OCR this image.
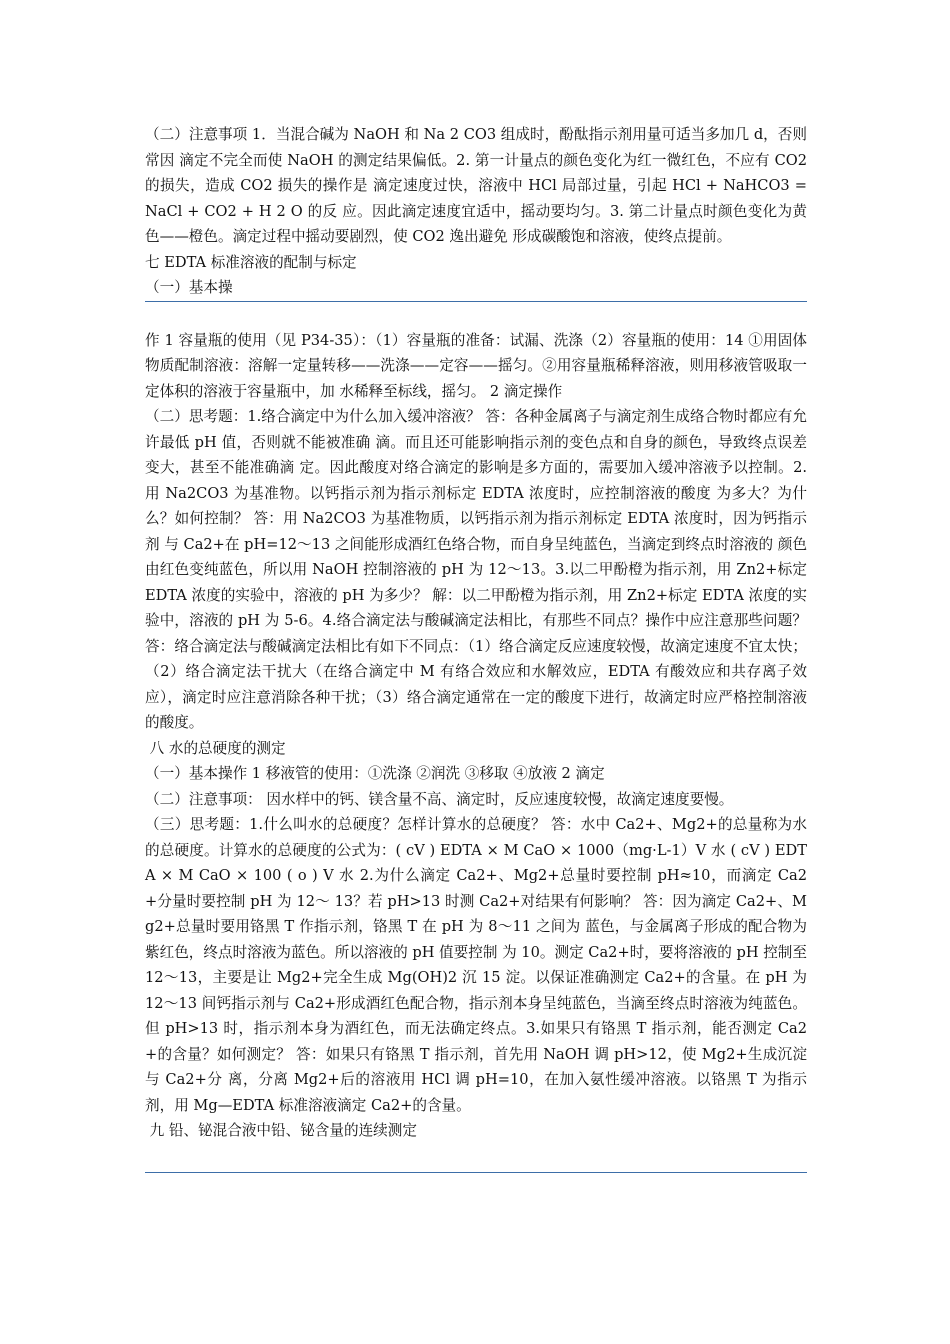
（二）注意事项 1．当混合碱为 NaOH 和 Na 2 CO3 组成时，酚酞指示剂用量可适当多加几 d，否则常因 滴定不完全而使 NaOH 的测定结果偏低。2. 第一计量点的颜色变化为红一微红色，不应有 CO2 的损失，造成 CO2 损失的操作是 滴定速度过快，溶液中 HCl 局部过量，引起 HCl + NaHCO3 = NaCl + CO2 + H 2 O 的反 应。因此滴定速度宜适中，摇动要均匀。3. 第二计量点时颜色变化为黄色——橙色。滴定过程中摇动要剧烈，使 CO2 逸出避免 形成碳酸饱和溶液，使终点提前。

七 EDTA 标准溶液的配制与标定

（一）基本操

作 1 容量瓶的使用（见 P34-35）：（1）容量瓶的准备：试漏、洗涤（2）容量瓶的使用：14 ①用固体物质配制溶液：溶解一定量转移——洗涤——定容——摇匀。②用容量瓶稀释溶液，则用移液管吸取一定体积的溶液于容量瓶中，加 水稀释至标线，摇匀。 2 滴定操作

（二）思考题：1.络合滴定中为什么加入缓冲溶液？ 答：各种金属离子与滴定剂生成络合物时都应有允许最低 pH 值，否则就不能被准确 滴。而且还可能影响指示剂的变色点和自身的颜色，导致终点误差变大，甚至不能准确滴 定。因此酸度对络合滴定的影响是多方面的，需要加入缓冲溶液予以控制。2. 用 Na2CO3 为基准物。以钙指示剂为指示剂标定 EDTA 浓度时，应控制溶液的酸度 为多大？为什么？如何控制？ 答：用 Na2CO3 为基准物质，以钙指示剂为指示剂标定 EDTA 浓度时，因为钙指示剂 与 Ca2+在 pH=12～13 之间能形成酒红色络合物，而自身呈纯蓝色，当滴定到终点时溶液的 颜色由红色变纯蓝色，所以用 NaOH 控制溶液的 pH 为 12～13。3.以二甲酚橙为指示剂，用 Zn2+标定 EDTA 浓度的实验中，溶液的 pH 为多少？ 解：以二甲酚橙为指示剂，用 Zn2+标定 EDTA 浓度的实验中，溶液的 pH 为 5-6。4.络合滴定法与酸碱滴定法相比，有那些不同点？操作中应注意那些问题？ 答：络合滴定法与酸碱滴定法相比有如下不同点：（1）络合滴定反应速度较慢，故滴定速度不宜太快；（2）络合滴定法干扰大（在络合滴定中 M 有络合效应和水解效应，EDTA 有酸效应和共存离子效应），滴定时应注意消除各种干扰；（3）络合滴定通常在一定的酸度下进行，故滴定时应严格控制溶液的酸度。

八 水的总硬度的测定

（一）基本操作 1 移液管的使用：①洗涤 ②润洗 ③移取 ④放液 2 滴定

（二）注意事项： 因水样中的钙、镁含量不高、滴定时，反应速度较慢，故滴定速度要慢。

（三）思考题：1.什么叫水的总硬度？怎样计算水的总硬度？ 答：水中 Ca2+、Mg2+的总量称为水的总硬度。计算水的总硬度的公式为：( cV ) EDTA × M CaO × 1000（mg·L-1）V 水 ( cV ) EDTA × M CaO × 100 ( o ) V 水 2.为什么滴定 Ca2+、Mg2+总量时要控制 pH≈10，而滴定 Ca2+分量时要控制 pH 为 12～ 13？若 pH>13 时测 Ca2+对结果有何影响？ 答：因为滴定 Ca2+、Mg2+总量时要用铬黑 T 作指示剂，铬黑 T 在 pH 为 8～11 之间为 蓝色，与金属离子形成的配合物为紫红色，终点时溶液为蓝色。所以溶液的 pH 值要控制 为 10。测定 Ca2+时，要将溶液的 pH 控制至 12～13，主要是让 Mg2+完全生成 Mg(OH)2 沉 15 淀。以保证准确测定 Ca2+的含量。在 pH 为 12～13 间钙指示剂与 Ca2+形成酒红色配合物，指示剂本身呈纯蓝色，当滴至终点时溶液为纯蓝色。但 pH>13 时，指示剂本身为酒红色，而无法确定终点。3.如果只有铬黑 T 指示剂，能否测定 Ca2+的含量？如何测定？ 答：如果只有铬黑 T 指示剂，首先用 NaOH 调 pH>12，使 Mg2+生成沉淀与 Ca2+分 离，分离 Mg2+后的溶液用 HCl 调 pH=10，在加入氨性缓冲溶液。以铬黑 T 为指示剂，用 Mg—EDTA 标准溶液滴定 Ca2+的含量。

九 铅、铋混合液中铅、铋含量的连续测定
